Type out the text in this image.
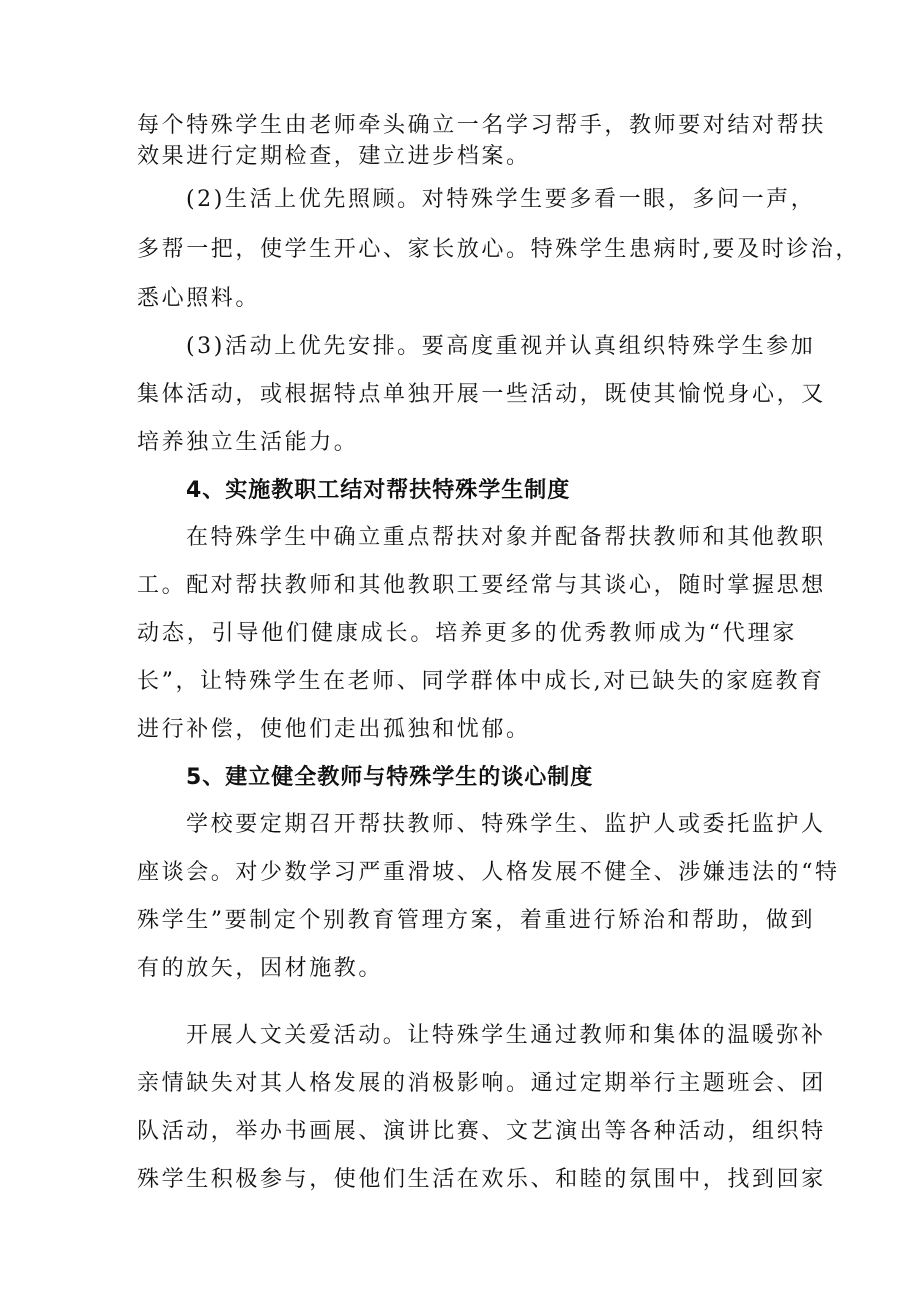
每个特殊学生由老师牵头确立一名学习帮手，教师要对结对帮扶
效果进行定期检查，建立进步档案。
(2)生活上优先照顾。对特殊学生要多看一眼，多问一声，
多帮一把，使学生开心、家长放心。特殊学生患病时,要及时诊治，
悉心照料。
(3)活动上优先安排。要高度重视并认真组织特殊学生参加
集体活动，或根据特点单独开展一些活动，既使其愉悦身心，又
培养独立生活能力。
4、实施教职工结对帮扶特殊学生制度
在特殊学生中确立重点帮扶对象并配备帮扶教师和其他教职
工。配对帮扶教师和其他教职工要经常与其谈心，随时掌握思想
动态，引导他们健康成长。培养更多的优秀教师成为“代理家
长”，让特殊学生在老师、同学群体中成长,对已缺失的家庭教育
进行补偿，使他们走出孤独和忧郁。
5、建立健全教师与特殊学生的谈心制度
学校要定期召开帮扶教师、特殊学生、监护人或委托监护人
座谈会。对少数学习严重滑坡、人格发展不健全、涉嫌违法的“特
殊学生”要制定个别教育管理方案，着重进行矫治和帮助，做到
有的放矢，因材施教。
开展人文关爱活动。让特殊学生通过教师和集体的温暖弥补
亲情缺失对其人格发展的消极影响。通过定期举行主题班会、团
队活动，举办书画展、演讲比赛、文艺演出等各种活动，组织特
殊学生积极参与，使他们生活在欢乐、和睦的氛围中，找到回家
